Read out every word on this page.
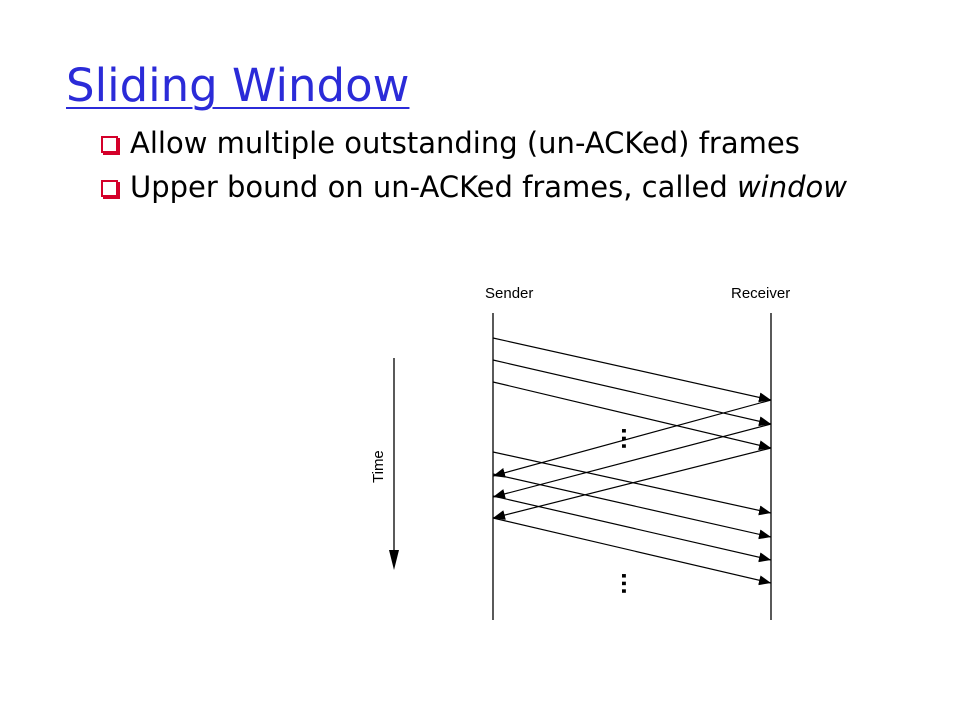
Sliding Window
Allow multiple outstanding (un-ACKed) frames
Upper bound on un-ACKed frames, called window
Sender	Receiver
Time
...
...
